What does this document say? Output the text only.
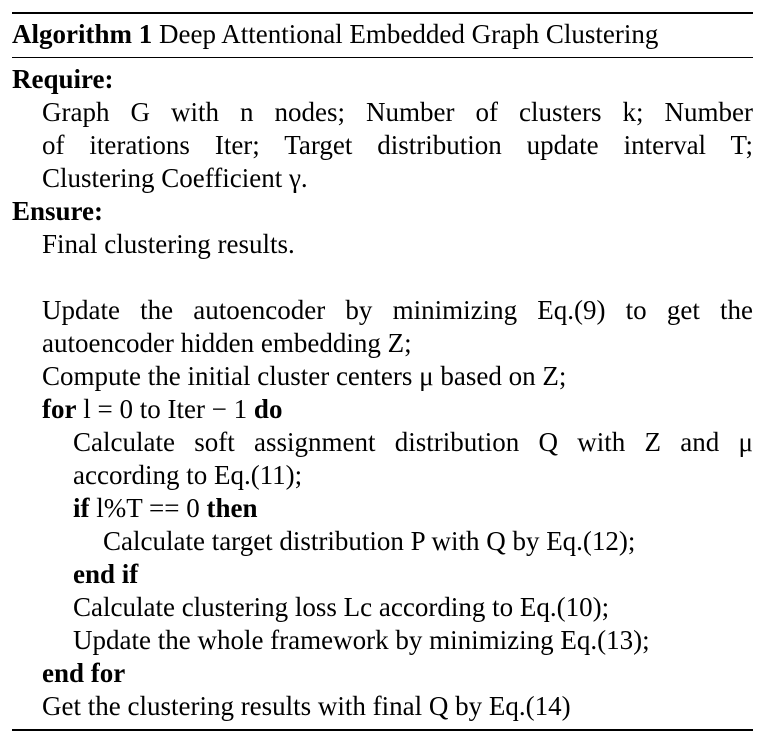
Algorithm 1 Deep Attentional Embedded Graph Clustering
Require:
Graph G with n nodes; Number of clusters k; Number
of iterations Iter; Target distribution update interval T;
Clustering Coefficient γ.
Ensure:
Final clustering results.
Update the autoencoder by minimizing Eq.(9) to get the
autoencoder hidden embedding Z;
Compute the initial cluster centers μ based on Z;
for l = 0 to Iter − 1 do
Calculate soft assignment distribution Q with Z and μ
according to Eq.(11);
if l%T == 0 then
Calculate target distribution P with Q by Eq.(12);
end if
Calculate clustering loss Lc according to Eq.(10);
Update the whole framework by minimizing Eq.(13);
end for
Get the clustering results with final Q by Eq.(14)
